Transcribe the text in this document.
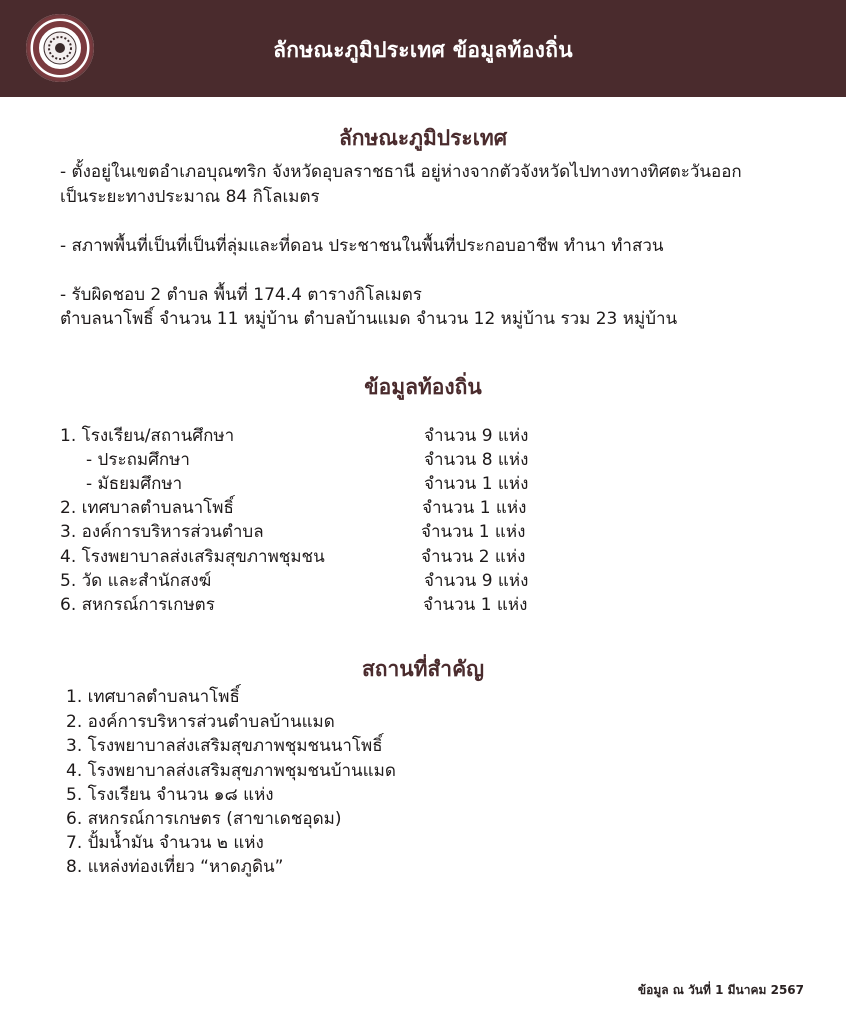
ลักษณะภูมิประเทศ ข้อมูลท้องถิ่น
ลักษณะภูมิประเทศ
- ตั้งอยู่ในเขตอำเภอบุณฑริก จังหวัดอุบลราชธานี อยู่ห่างจากตัวจังหวัดไปทางทางทิศตะวันออก
เป็นระยะทางประมาณ 84 กิโลเมตร
- สภาพพื้นที่เป็นที่เป็นที่ลุ่มและที่ดอน ประชาชนในพื้นที่ประกอบอาชีพ ทำนา ทำสวน
- รับผิดชอบ 2 ตำบล พื้นที่ 174.4 ตารางกิโลเมตร
ตำบลนาโพธิ์ จำนวน 11 หมู่บ้าน ตำบลบ้านแมด จำนวน 12 หมู่บ้าน รวม 23 หมู่บ้าน
ข้อมูลท้องถิ่น
1. โรงเรียน/สถานศึกษา	จำนวน 9 แห่ง
- ประถมศึกษา	จำนวน 8 แห่ง
- มัธยมศึกษา	จำนวน 1 แห่ง
2. เทศบาลตำบลนาโพธิ์	จำนวน 1 แห่ง
3. องค์การบริหารส่วนตำบล	จำนวน 1 แห่ง
4. โรงพยาบาลส่งเสริมสุขภาพชุมชน	จำนวน 2 แห่ง
5. วัด และสำนักสงฆ์	จำนวน 9 แห่ง
6. สหกรณ์การเกษตร	จำนวน 1 แห่ง
สถานที่สำคัญ
1. เทศบาลตำบลนาโพธิ์
2. องค์การบริหารส่วนตำบลบ้านแมด
3. โรงพยาบาลส่งเสริมสุขภาพชุมชนนาโพธิ์
4. โรงพยาบาลส่งเสริมสุขภาพชุมชนบ้านแมด
5. โรงเรียน จำนวน ๑๘ แห่ง
6. สหกรณ์การเกษตร (สาขาเดชอุดม)
7. ปั้มน้ำมัน จำนวน ๒ แห่ง
8. แหล่งท่องเที่ยว “หาดภูดิน”
ข้อมูล ณ วันที่ 1 มีนาคม 2567
